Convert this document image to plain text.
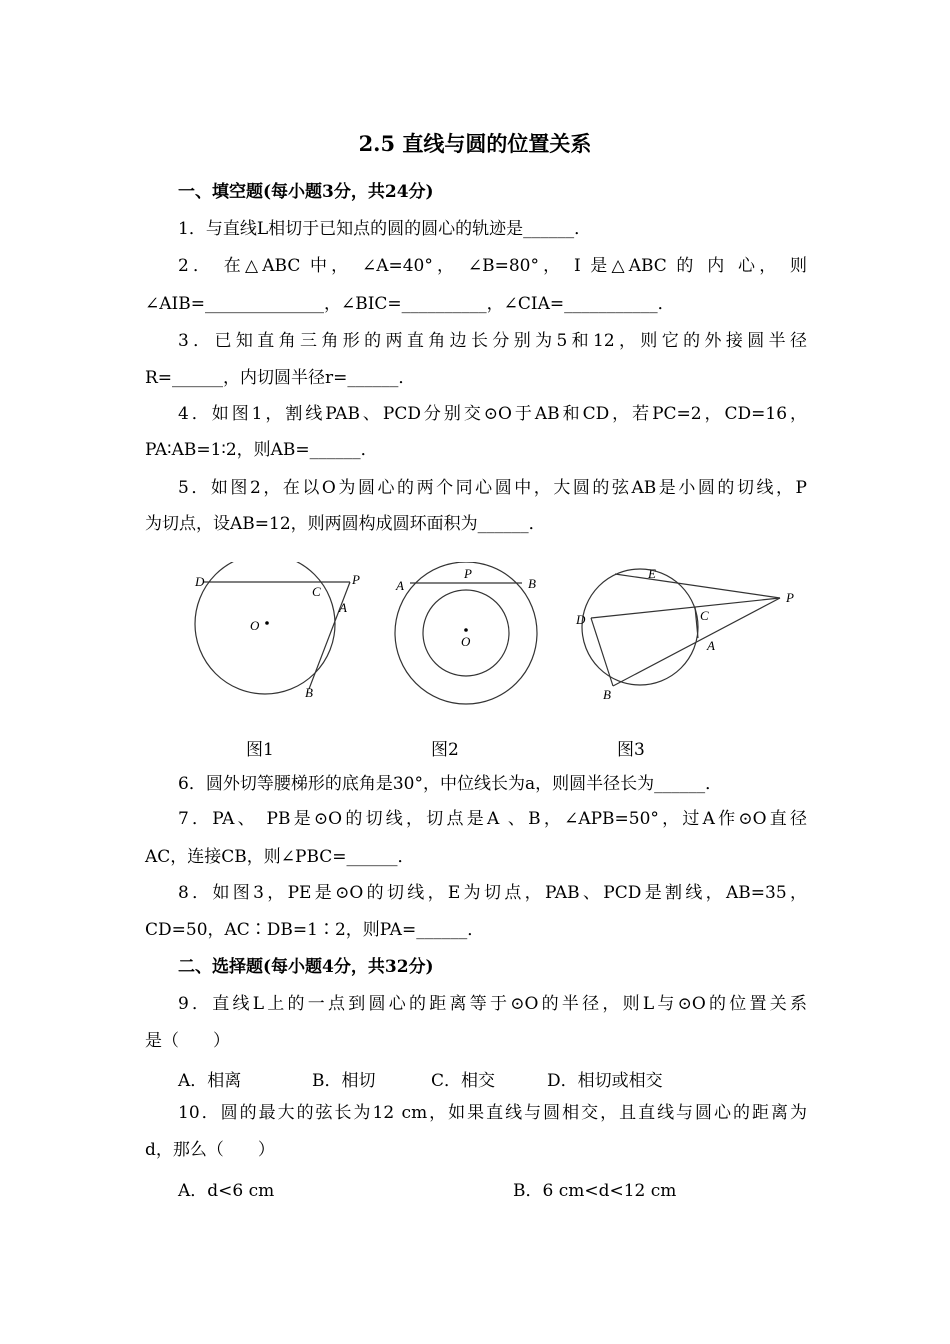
2.5 直线与圆的位置关系
一、填空题(每小题3分，共24分)
1．与直线L相切于已知点的圆的圆心的轨迹是______．
2． 在△ABC 中， ∠A=40°， ∠B=80°， I 是△ABC 的 内 心， 则
∠AIB=______________，∠BIC=__________，∠CIA=___________．
3．已知直角三角形的两直角边长分别为5和12，则它的外接圆半径
R=______，内切圆半径r=______．
4．如图1，割线PAB、PCD分别交⊙O于AB和CD，若PC=2，CD=16，
PA∶AB=1∶2，则AB=______．
5．如图2，在以O为圆心的两个同心圆中，大圆的弦AB是小圆的切线，P
为切点，设AB=12，则两圆构成圆环面积为______．
D	P
C
A
O
B
A
P
B
O
E
P
D	C
A
B
图1	图2	图3
6．圆外切等腰梯形的底角是30°，中位线长为a，则圆半径长为______．
7．PA、 PB是⊙O的切线，切点是A 、B，∠APB=50°，过A作⊙O直径
AC，连接CB，则∠PBC=______．
8．如图3，PE是⊙O的切线，E为切点，PAB、PCD是割线，AB=35，
CD=50，AC∶DB=1∶2，则PA=______．
二、选择题(每小题4分，共32分)
9．直线L上的一点到圆心的距离等于⊙O的半径，则L与⊙O的位置关系
是（　　）
A．相离	B．相切	C．相交	D．相切或相交
10．圆的最大的弦长为12 cm，如果直线与圆相交，且直线与圆心的距离为
d，那么（　　）
A．d<6 cm	B．6 cm<d<12 cm
